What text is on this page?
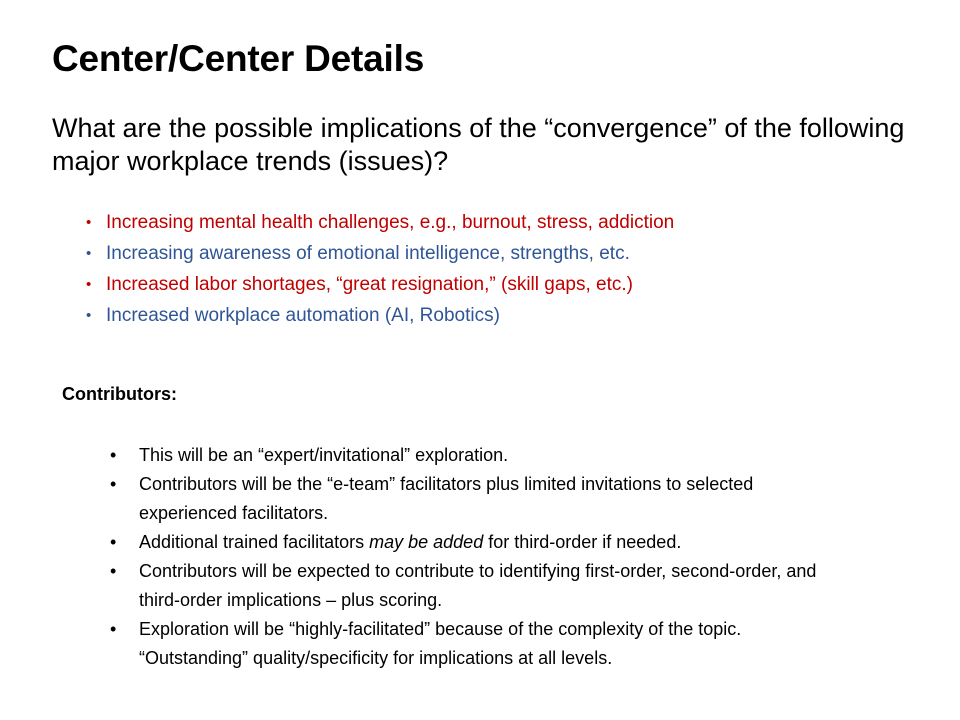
Center/Center Details

What are the possible implications of the “convergence” of the following major workplace trends (issues)?

• Increasing mental health challenges, e.g., burnout, stress, addiction
• Increasing awareness of emotional intelligence, strengths, etc.
• Increased labor shortages, “great resignation,” (skill gaps, etc.)
• Increased workplace automation (AI, Robotics)
Contributors:
• This will be an “expert/invitational” exploration.
• Contributors will be the “e-team” facilitators plus limited invitations to selected experienced facilitators.
• Additional trained facilitators may be added for third-order if needed.
• Contributors will be expected to contribute to identifying first-order, second-order, and third-order implications – plus scoring.
• Exploration will be “highly-facilitated” because of the complexity of the topic. “Outstanding” quality/specificity for implications at all levels.
